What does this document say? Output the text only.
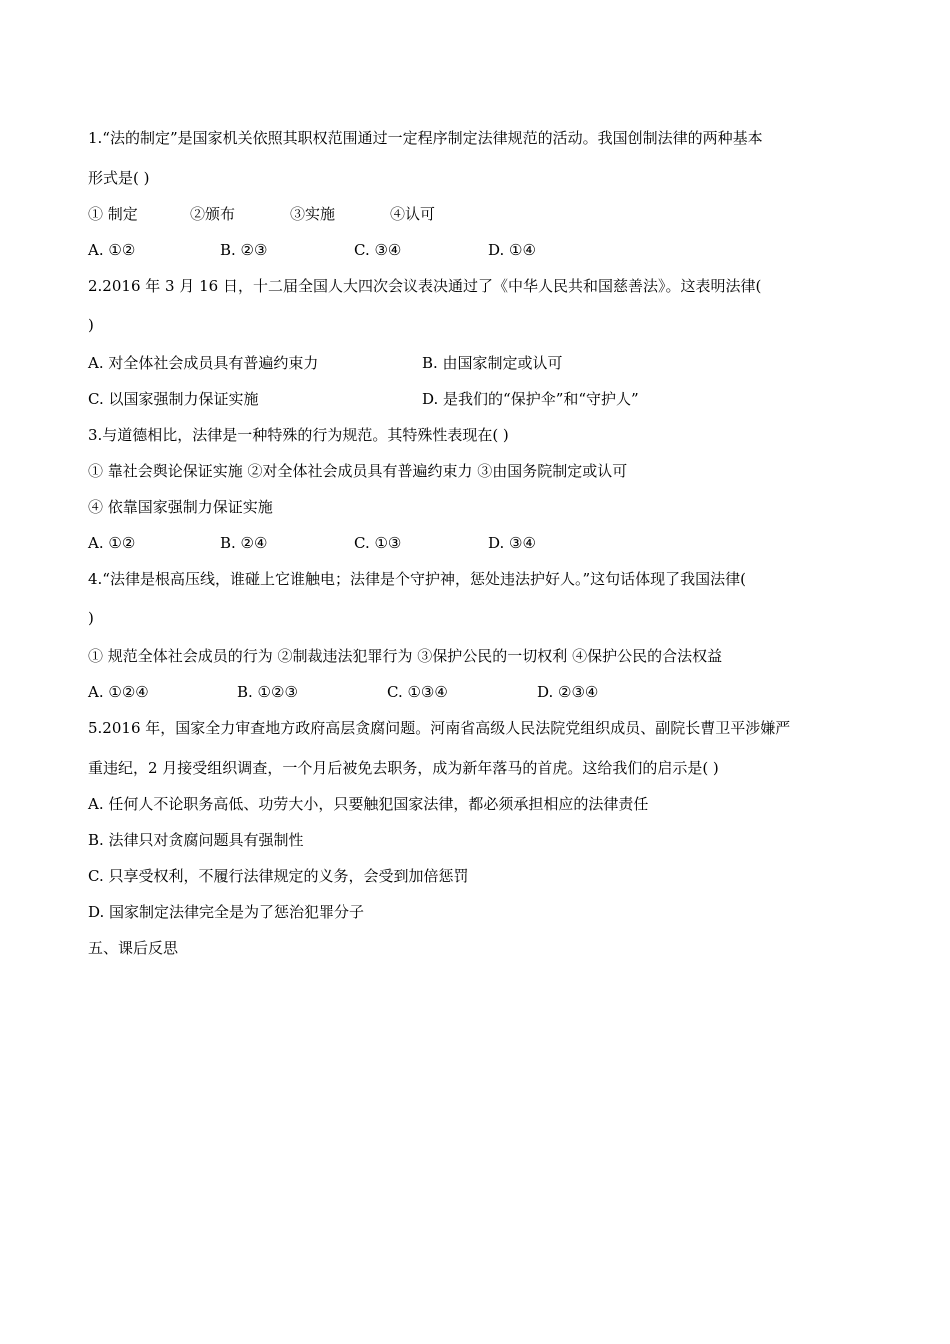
1.“法的制定”是国家机关依照其职权范围通过一定程序制定法律规范的活动。我国创制法律的两种基本
形式是( )
① 制定	②颁布	③实施	④认可
A. ①②	B. ②③	C. ③④	D. ①④
2.2016 年 3 月 16 日，十二届全国人大四次会议表决通过了《中华人民共和国慈善法》。这表明法律(
)
A. 对全体社会成员具有普遍约束力	B. 由国家制定或认可
C. 以国家强制力保证实施	D. 是我们的“保护伞”和“守护人”
3.与道德相比，法律是一种特殊的行为规范。其特殊性表现在( )
① 靠社会舆论保证实施 ②对全体社会成员具有普遍约束力 ③由国务院制定或认可
④ 依靠国家强制力保证实施
A. ①②	B. ②④	C. ①③	D. ③④
4.“法律是根高压线，谁碰上它谁触电；法律是个守护神，惩处违法护好人。”这句话体现了我国法律(
)
① 规范全体社会成员的行为 ②制裁违法犯罪行为 ③保护公民的一切权利 ④保护公民的合法权益
A. ①②④	B. ①②③	C. ①③④	D. ②③④
5.2016 年，国家全力审查地方政府高层贪腐问题。河南省高级人民法院党组织成员、副院长曹卫平涉嫌严
重违纪，2 月接受组织调查，一个月后被免去职务，成为新年落马的首虎。这给我们的启示是( )
A. 任何人不论职务高低、功劳大小，只要触犯国家法律，都必须承担相应的法律责任
B. 法律只对贪腐问题具有强制性
C. 只享受权利，不履行法律规定的义务，会受到加倍惩罚
D. 国家制定法律完全是为了惩治犯罪分子
五、课后反思
